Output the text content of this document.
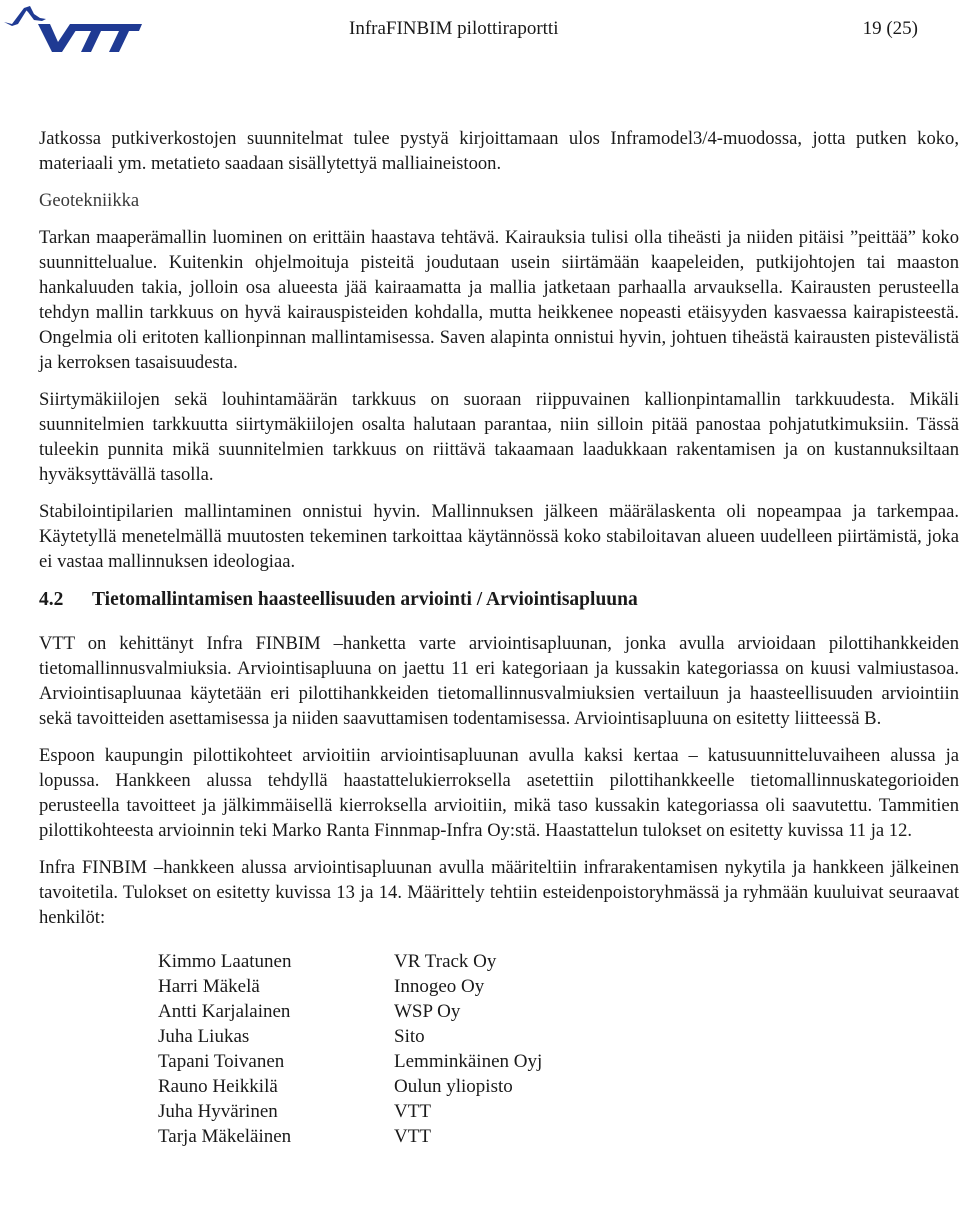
InfraFINBIM pilottiraportti	19 (25)

Jatkossa putkiverkostojen suunnitelmat tulee pystyä kirjoittamaan ulos Inframodel3/4-muodossa, jotta putken koko, materiaali ym. metatieto saadaan sisällytettyä malliaineistoon.

Geotekniikka

Tarkan maaperämallin luominen on erittäin haastava tehtävä. Kairauksia tulisi olla tiheästi ja niiden pitäisi ”peittää” koko suunnittelualue. Kuitenkin ohjelmoituja pisteitä joudutaan usein siirtämään kaapeleiden, putkijohtojen tai maaston hankaluuden takia, jolloin osa alueesta jää kairaamatta ja mallia jatketaan parhaalla arvauksella. Kairausten perusteella tehdyn mallin tarkkuus on hyvä kairauspisteiden kohdalla, mutta heikkenee nopeasti etäisyyden kasvaessa kairapisteestä. Ongelmia oli eritoten kallionpinnan mallintamisessa. Saven alapinta onnistui hyvin, johtuen tiheästä kairausten pistevälistä ja kerroksen tasaisuudesta.

Siirtymäkiilojen sekä louhintamäärän tarkkuus on suoraan riippuvainen kallionpintamallin tarkkuudesta. Mikäli suunnitelmien tarkkuutta siirtymäkiilojen osalta halutaan parantaa, niin silloin pitää panostaa pohjatutkimuksiin. Tässä tuleekin punnita mikä suunnitelmien tarkkuus on riittävä takaamaan laadukkaan rakentamisen ja on kustannuksiltaan hyväksyttävällä tasolla.

Stabilointipilarien mallintaminen onnistui hyvin. Mallinnuksen jälkeen määrälaskenta oli nopeampaa ja tarkempaa. Käytetyllä menetelmällä muutosten tekeminen tarkoittaa käytännössä koko stabiloitavan alueen uudelleen piirtämistä, joka ei vastaa mallinnuksen ideologiaa.

4.2	Tietomallintamisen haasteellisuuden arviointi / Arviointisapluuna

VTT on kehittänyt Infra FINBIM –hanketta varte arviointisapluunan, jonka avulla arvioidaan pilottihankkeiden tietomallinnusvalmiuksia. Arviointisapluuna on jaettu 11 eri kategoriaan ja kussakin kategoriassa on kuusi valmiustasoa. Arviointisapluunaa käytetään eri pilottihankkeiden tietomallinnusvalmiuksien vertailuun ja haasteellisuuden arviointiin sekä tavoitteiden asettamisessa ja niiden saavuttamisen todentamisessa. Arviointisapluuna on esitetty liitteessä B.

Espoon kaupungin pilottikohteet arvioitiin arviointisapluunan avulla kaksi kertaa – katusuunnitteluvaiheen alussa ja lopussa. Hankkeen alussa tehdyllä haastattelukierroksella asetettiin pilottihankkeelle tietomallinnuskategorioiden perusteella tavoitteet ja jälkimmäisellä kierroksella arvioitiin, mikä taso kussakin kategoriassa oli saavutettu. Tammitien pilottikohteesta arvioinnin teki Marko Ranta Finnmap-Infra Oy:stä. Haastattelun tulokset on esitetty kuvissa 11 ja 12.

Infra FINBIM –hankkeen alussa arviointisapluunan avulla määriteltiin infrarakentamisen nykytila ja hankkeen jälkeinen tavoitetila. Tulokset on esitetty kuvissa 13 ja 14. Määrittely tehtiin esteidenpoistoryhmässä ja ryhmään kuuluivat seuraavat henkilöt:

Kimmo Laatunen
Harri Mäkelä
Antti Karjalainen
Juha Liukas
Tapani Toivanen
Rauno Heikkilä
Juha Hyvärinen
Tarja Mäkeläinen
VR Track Oy
Innogeo Oy
WSP Oy
Sito
Lemminkäinen Oyj
Oulun yliopisto
VTT
VTT
